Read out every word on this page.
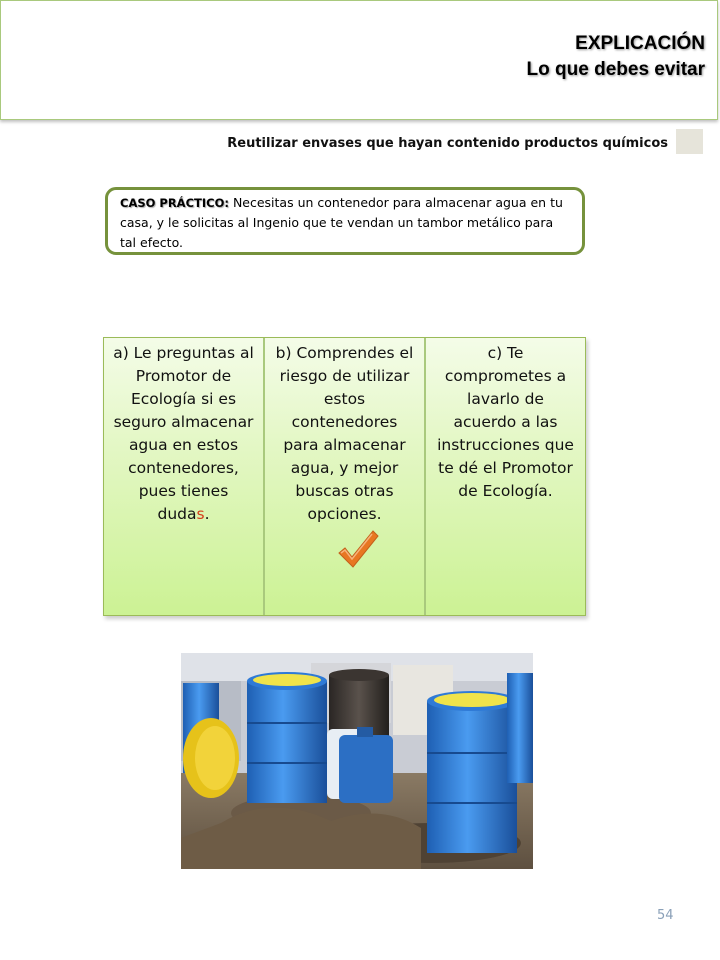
EXPLICACIÓN
Lo que debes evitar
Reutilizar envases que hayan contenido productos químicos
CASO PRÁCTICO: Necesitas un contenedor para almacenar agua en tu casa, y le solicitas al Ingenio que te vendan un tambor metálico para tal efecto.
a) Le preguntas al Promotor de Ecología si es seguro almacenar agua en estos contenedores, pues tienes dudas.
b) Comprendes el riesgo de utilizar estos contenedores para almacenar agua, y mejor buscas otras opciones.
c) Te comprometes a lavarlo de acuerdo a las instrucciones que te dé el Promotor de Ecología.
54
